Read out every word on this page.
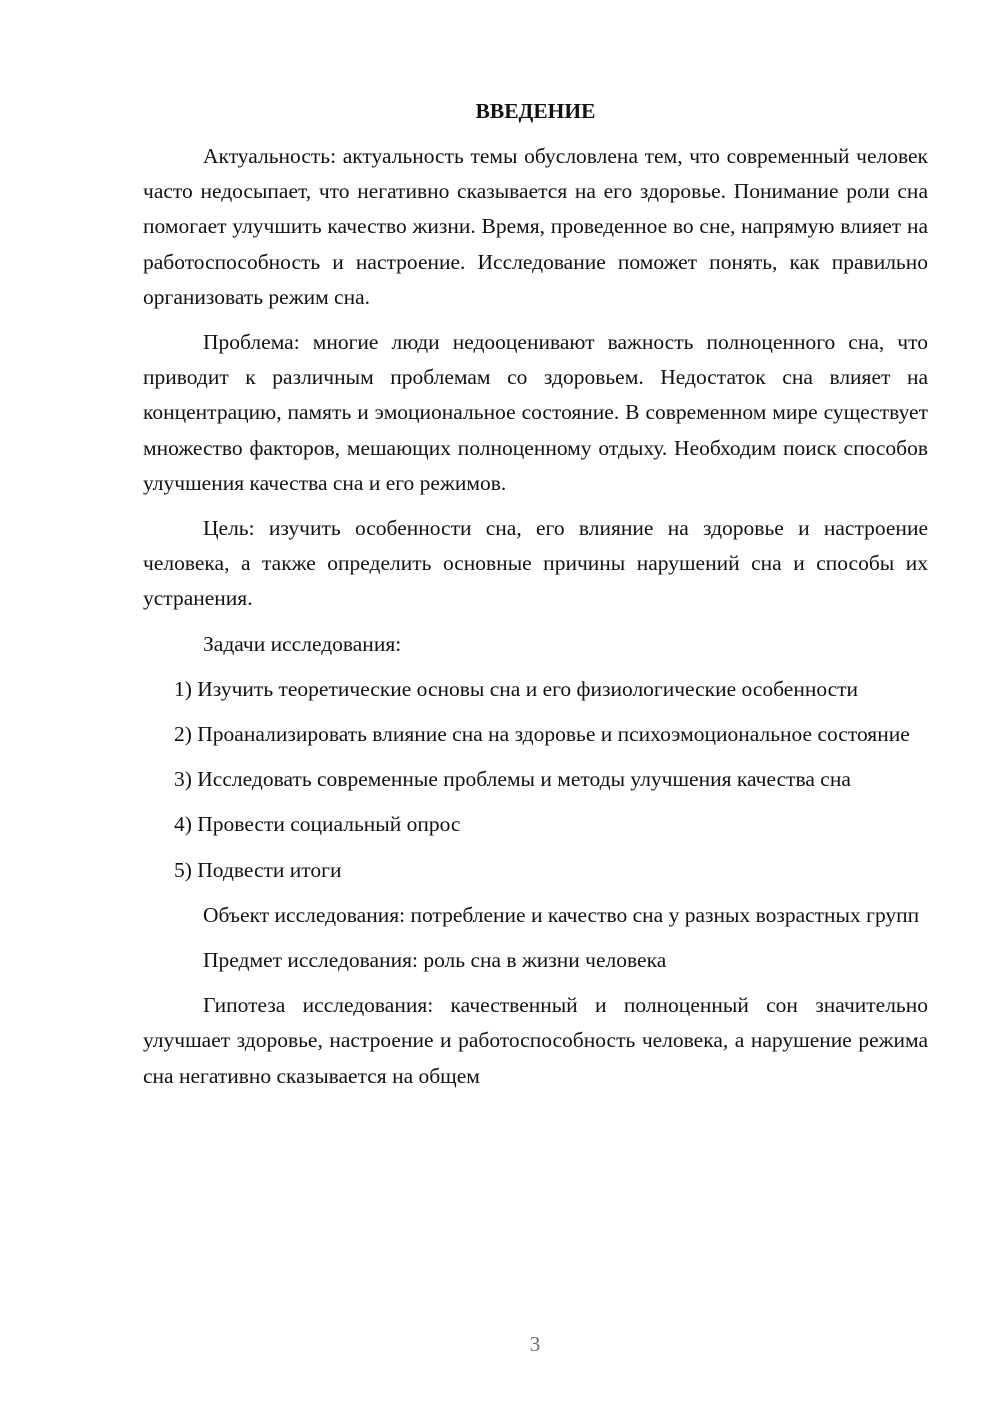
ВВЕДЕНИЕ

Актуальность: актуальность темы обусловлена тем, что современный человек часто недосыпает, что негативно сказывается на его здоровье. Понимание роли сна помогает улучшить качество жизни. Время, проведенное во сне, напрямую влияет на работоспособность и настроение. Исследование поможет понять, как правильно организовать режим сна.

Проблема: многие люди недооценивают важность полноценного сна, что приводит к различным проблемам со здоровьем. Недостаток сна влияет на концентрацию, память и эмоциональное состояние. В современном мире существует множество факторов, мешающих полноценному отдыху. Необходим поиск способов улучшения качества сна и его режимов.

Цель: изучить особенности сна, его влияние на здоровье и настроение человека, а также определить основные причины нарушений сна и способы их устранения.

Задачи исследования:

1) Изучить теоретические основы сна и его физиологические особенности

2) Проанализировать влияние сна на здоровье и психоэмоциональное состояние

3) Исследовать современные проблемы и методы улучшения качества сна

4) Провести социальный опрос

5) Подвести итоги

Объект исследования: потребление и качество сна у разных возрастных групп

Предмет исследования: роль сна в жизни человека

Гипотеза исследования: качественный и полноценный сон значительно улучшает здоровье, настроение и работоспособность человека, а нарушение режима сна негативно сказывается на общем

3
